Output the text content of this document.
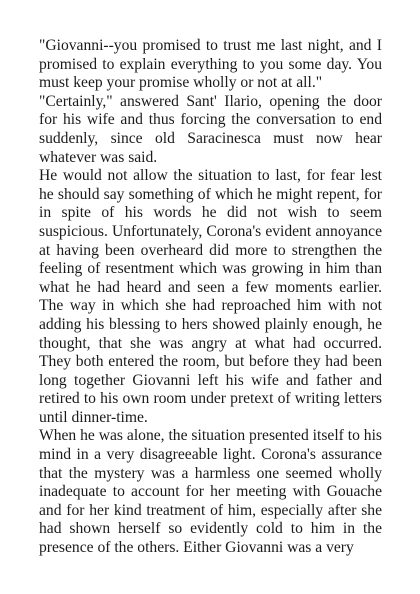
"Giovanni--you promised to trust me last night, and I promised to explain everything to you some day. You must keep your promise wholly or not at all."

"Certainly," answered Sant' Ilario, opening the door for his wife and thus forcing the conversation to end suddenly, since old Saracinesca must now hear whatever was said.

He would not allow the situation to last, for fear lest he should say something of which he might repent, for in spite of his words he did not wish to seem suspicious. Unfortunately, Corona's evident annoyance at having been overheard did more to strengthen the feeling of resentment which was growing in him than what he had heard and seen a few moments earlier. The way in which she had reproached him with not adding his blessing to hers showed plainly enough, he thought, that she was angry at what had occurred. They both entered the room, but before they had been long together Giovanni left his wife and father and retired to his own room under pretext of writing letters until dinner-time.

When he was alone, the situation presented itself to his mind in a very disagreeable light. Corona's assurance that the mystery was a harmless one seemed wholly inadequate to account for her meeting with Gouache and for her kind treatment of him, especially after she had shown herself so evidently cold to him in the presence of the others. Either Giovanni was a very
